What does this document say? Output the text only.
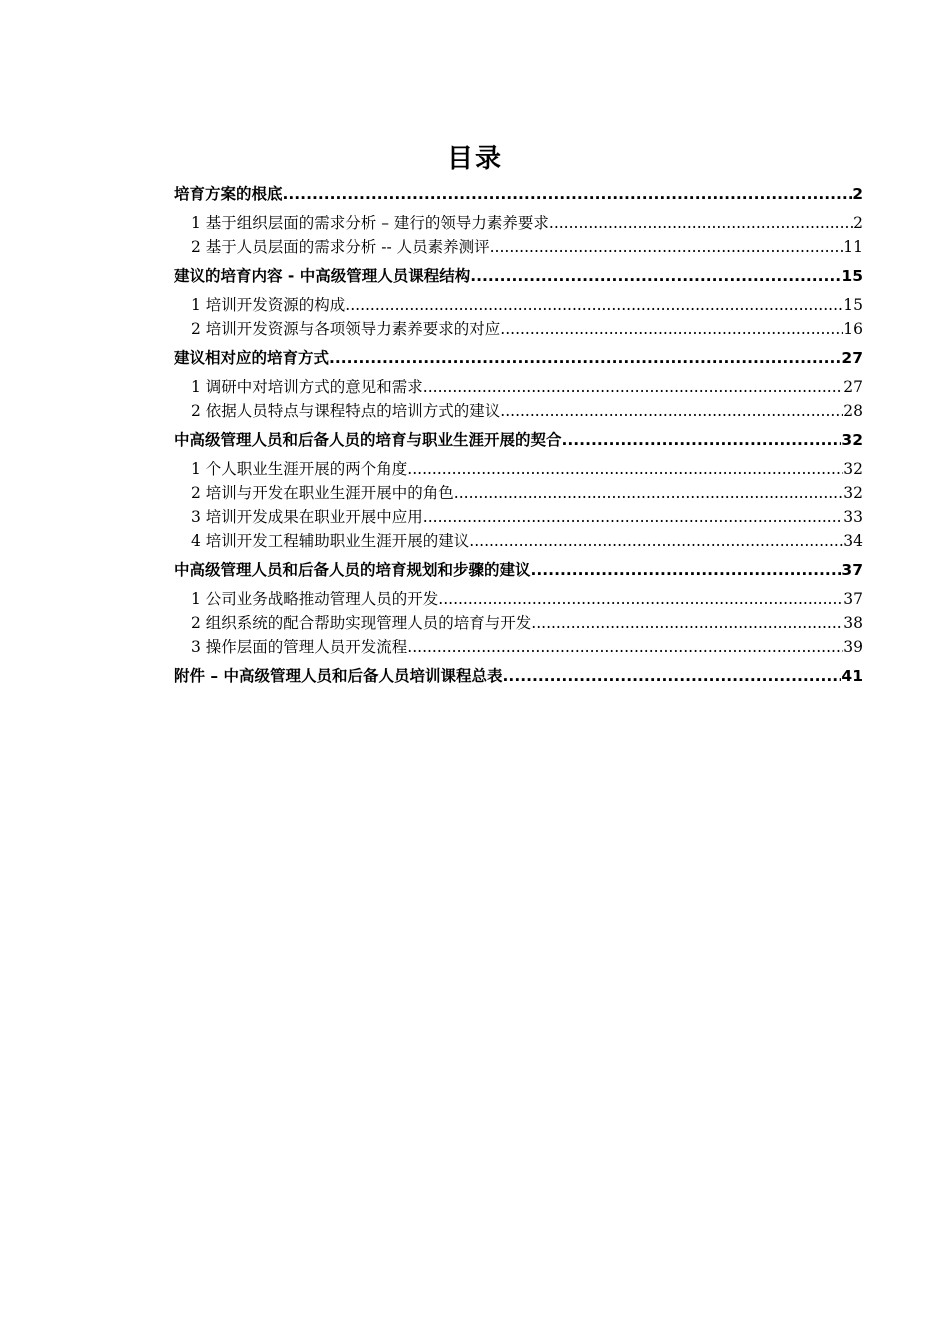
目录
培育方案的根底 .....	2
1 基于组织层面的需求分析 – 建行的领导力素养要求 .....	2
2 基于人员层面的需求分析 -- 人员素养测评 .....	11
建议的培育内容 - 中高级管理人员课程结构 .....	15
1 培训开发资源的构成 .....	15
2 培训开发资源与各项领导力素养要求的对应 .....	16
建议相对应的培育方式 .....	27
1 调研中对培训方式的意见和需求 .....	27
2 依据人员特点与课程特点的培训方式的建议 .....	28
中高级管理人员和后备人员的培育与职业生涯开展的契合 .....	32
1 个人职业生涯开展的两个角度 .....	32
2 培训与开发在职业生涯开展中的角色 .....	32
3 培训开发成果在职业开展中应用 .....	33
4 培训开发工程辅助职业生涯开展的建议 .....	34
中高级管理人员和后备人员的培育规划和步骤的建议 .....	37
1 公司业务战略推动管理人员的开发 .....	37
2 组织系统的配合帮助实现管理人员的培育与开发 .....	38
3 操作层面的管理人员开发流程 .....	39
附件 – 中高级管理人员和后备人员培训课程总表 .....	41
